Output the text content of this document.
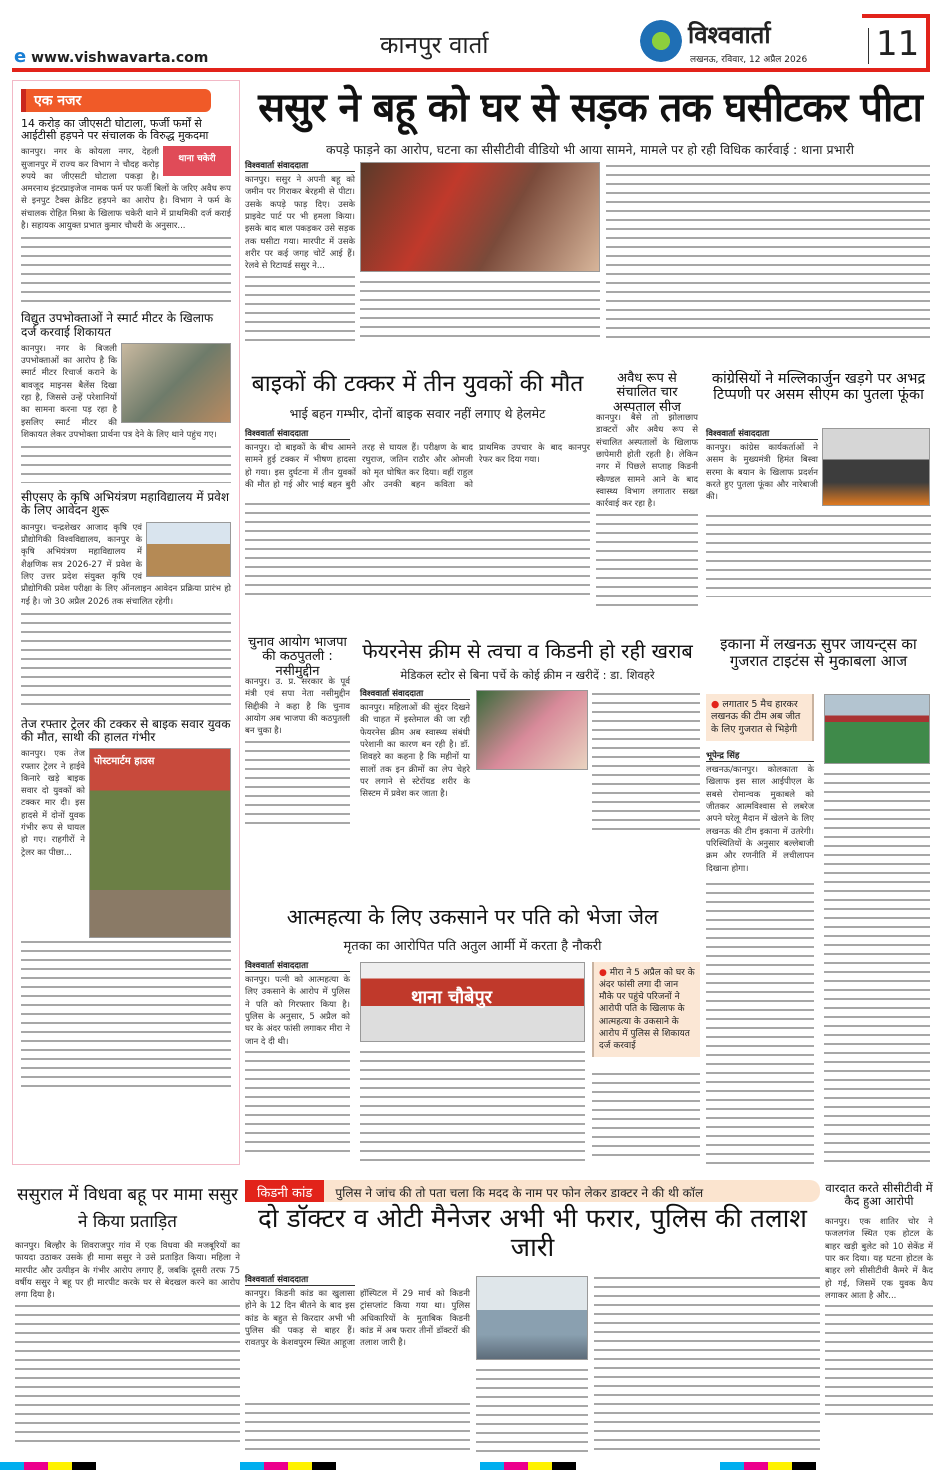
e www.vishwavarta.com	कानपुर वार्ता	विश्ववार्ता
लखनऊ, रविवार, 12 अप्रैल 2026 11
एक नजर
14 करोड़ का जीएसटी घोटाला, फर्जी फर्मों से आईटीसी हड़पने पर संचालक के विरुद्ध मुकदमा
थाना चकेरी
कानपुर। नगर के कोयला नगर, देहली सुजानपुर में राज्य कर विभाग ने चौदह करोड़ रुपये का जीएसटी घोटाला पकड़ा है। अमरनाथ इंटरप्राइजेज नामक फर्म पर फर्जी बिलों के जरिए अवैध रूप से इनपुट टैक्स क्रेडिट हड़पने का आरोप है। विभाग ने फर्म के संचालक रोहित मिश्रा के खिलाफ चकेरी थाने में प्राथमिकी दर्ज कराई है। सहायक आयुक्त प्रभात कुमार चौधरी के अनुसार...
विद्युत उपभोक्ताओं ने स्मार्ट मीटर के खिलाफ दर्ज करवाई शिकायत
कानपुर। नगर के बिजली उपभोक्ताओं का आरोप है कि स्मार्ट मीटर रिचार्ज कराने के बावजूद माइनस बैलेंस दिखा रहा है, जिससे उन्हें परेशानियों का सामना करना पड़ रहा है इसलिए स्मार्ट मीटर की शिकायत लेकर उपभोक्ता प्रार्थना पत्र देने के लिए थाने पहुंच गए।
सीएसए के कृषि अभियंत्रण महाविद्यालय में प्रवेश के लिए आवेदन शुरू
कानपुर। चन्द्रशेखर आजाद कृषि एवं प्रौद्योगिकी विश्वविद्यालय, कानपुर के कृषि अभियंत्रण महाविद्यालय में शैक्षणिक सत्र 2026-27 में प्रवेश के लिए उत्तर प्रदेश संयुक्त कृषि एवं प्रौद्योगिकी प्रवेश परीक्षा के लिए ऑनलाइन आवेदन प्रक्रिया प्रारंभ हो गई है। जो 30 अप्रैल 2026 तक संचालित रहेगी।
तेज रफ्तार ट्रेलर की टक्कर से बाइक सवार युवक की मौत, साथी की हालत गंभीर
पोस्टमार्टम हाउस
कानपुर। एक तेज रफ्तार ट्रेलर ने हाईवे किनारे खड़े बाइक सवार दो युवकों को टक्कर मार दी। इस हादसे में दोनों युवक गंभीर रूप से घायल हो गए। राहगीरों ने ट्रेलर का पीछा...
ससुर ने बहू को घर से सड़क तक घसीटकर पीटा
कपड़े फाड़ने का आरोप, घटना का सीसीटीवी वीडियो भी आया सामने, मामले पर हो रही विधिक कार्रवाई : थाना प्रभारी
विश्ववार्ता संवाददाता
कानपुर। ससुर ने अपनी बहू को जमीन पर गिराकर बेरहमी से पीटा। उसके कपड़े फाड़ दिए। उसके प्राइवेट पार्ट पर भी हमला किया। इसके बाद बाल पकड़कर उसे सड़क तक घसीटा गया। मारपीट में उसके शरीर पर कई जगह चोटें आई हैं। रेलवे से रिटायर्ड ससुर ने...
बाइकों की टक्कर में तीन युवकों की मौत
भाई बहन गम्भीर, दोनों बाइक सवार नहीं लगाए थे हेलमेट
विश्ववार्ता संवाददाता
कानपुर। दो बाइकों के बीच आमने सामने हुई टक्कर में भीषण हादसा हो गया। इस दुर्घटना में तीन युवकों की मौत हो गई और भाई बहन बुरी तरह से घायल हैं। परीक्षण के बाद रघुराज, जतिन राठौर और ओमजी को मृत घोषित कर दिया। वहीं राहुल और उनकी बहन कविता को प्राथमिक उपचार के बाद कानपुर रेफर कर दिया गया।
अवैध रूप से संचालित चार अस्पताल सीज
कानपुर। बैसे तो झोलाछाप डाक्टरों और अवैध रूप से संचालित अस्पतालों के खिलाफ छापेमारी होती रहती है। लेकिन नगर में पिछले सप्ताह किडनी स्कैण्डल सामने आने के बाद स्वास्थ्य विभाग लगातार सख्त कार्रवाई कर रहा है।
कांग्रेसियों ने मल्लिकार्जुन खड़गे पर अभद्र टिप्पणी पर असम सीएम का पुतला फूंका
विश्ववार्ता संवाददाता
कानपुर। कांग्रेस कार्यकर्ताओं ने असम के मुख्यमंत्री हिमंत बिस्वा सरमा के बयान के खिलाफ प्रदर्शन करते हुए पुतला फूंका और नारेबाजी की।
चुनाव आयोग भाजपा की कठपुतली : नसीमुद्दीन
कानपुर। उ. प्र. सरकार के पूर्व मंत्री एवं सपा नेता नसीमुद्दीन सिद्दीकी ने कहा है कि चुनाव आयोग अब भाजपा की कठपुतली बन चुका है।
फेयरनेस क्रीम से त्वचा व किडनी हो रही खराब
मेडिकल स्टोर से बिना पर्चे के कोई क्रीम न खरीदें : डा. शिवहरे
विश्ववार्ता संवाददाता
कानपुर। महिलाओं की सुंदर दिखने की चाहत में इस्तेमाल की जा रही फेयरनेस क्रीम अब स्वास्थ्य संबंधी परेशानी का कारण बन रही है। डॉ. शिवहरे का कहना है कि महीनों या सालों तक इन क्रीमों का लेप चेहरे पर लगाने से स्टेरॉयड शरीर के सिस्टम में प्रवेश कर जाता है।
इकाना में लखनऊ सुपर जायन्ट्स का गुजरात टाइटंस से मुकाबला आज
● लगातार 5 मैच हारकर लखनऊ की टीम अब जीत के लिए गुजरात से भिड़ेगी
भूपेन्द्र सिंह
लखनऊ/कानपुर। कोलकाता के खिलाफ इस साल आईपीएल के सबसे रोमान्चक मुकाबले को जीतकर आत्मविश्वास से लबरेज अपने घरेलू मैदान में खेलने के लिए लखनऊ की टीम इकाना में उतरेगी। परिस्थितियों के अनुसार बल्लेबाजी क्रम और रणनीति में लचीलापन दिखाना होगा।
आत्महत्या के लिए उकसाने पर पति को भेजा जेल
मृतका का आरोपित पति अतुल आर्मी में करता है नौकरी
विश्ववार्ता संवाददाता
कानपुर। पत्नी को आत्महत्या के लिए उकसाने के आरोप में पुलिस ने पति को गिरफ्तार किया है। पुलिस के अनुसार, 5 अप्रैल को घर के अंदर फांसी लगाकर मीरा ने जान दे दी थी।
थाना चौबेपुर
● मीरा ने 5 अप्रैल को घर के अंदर फांसी लगा दी जान मौके पर पहुंचे परिजनों ने आरोपी पति के खिलाफ के आत्महत्या के उकसाने के आरोप में पुलिस से शिकायत दर्ज करवाई
ससुराल में विधवा बहू पर मामा ससुर ने किया प्रताड़ित
कानपुर। बिल्हौर के शिवराजपुर गांव में एक विधवा की मजबूरियों का फायदा उठाकर उसके ही मामा ससुर ने उसे प्रताड़ित किया। महिला ने मारपीट और उत्पीड़न के गंभीर आरोप लगाए हैं, जबकि दूसरी तरफ 75 वर्षीय ससुर ने बहू पर ही मारपीट करके घर से बेदखल करने का आरोप लगा दिया है।
किडनी कांड पुलिस ने जांच की तो पता चला कि मदद के नाम पर फोन लेकर डाक्टर ने की थी कॉल
दो डॉक्टर व ओटी मैनेजर अभी भी फरार, पुलिस की तलाश जारी
विश्ववार्ता संवाददाता
कानपुर। किडनी कांड का खुलासा होने के 12 दिन बीतने के बाद इस कांड के बहुत से किरदार अभी भी पुलिस की पकड़ से बाहर हैं। रावतपुर के केशवपुरम स्थित आहूजा हॉस्पिटल में 29 मार्च को किडनी ट्रांसप्लांट किया गया था। पुलिस अधिकारियों के मुताबिक किडनी कांड में अब फरार तीनों डॉक्टरों की तलाश जारी है।
वारदात करते सीसीटीवी में कैद हुआ आरोपी
कानपुर। एक शातिर चोर ने फजलगंज स्थित एक होटल के बाहर खड़ी बुलेट को 10 सेकेंड में पार कर दिया। यह घटना होटल के बाहर लगे सीसीटीवी कैमरे में कैद हो गई, जिसमें एक युवक कैप लगाकर आता है और...
